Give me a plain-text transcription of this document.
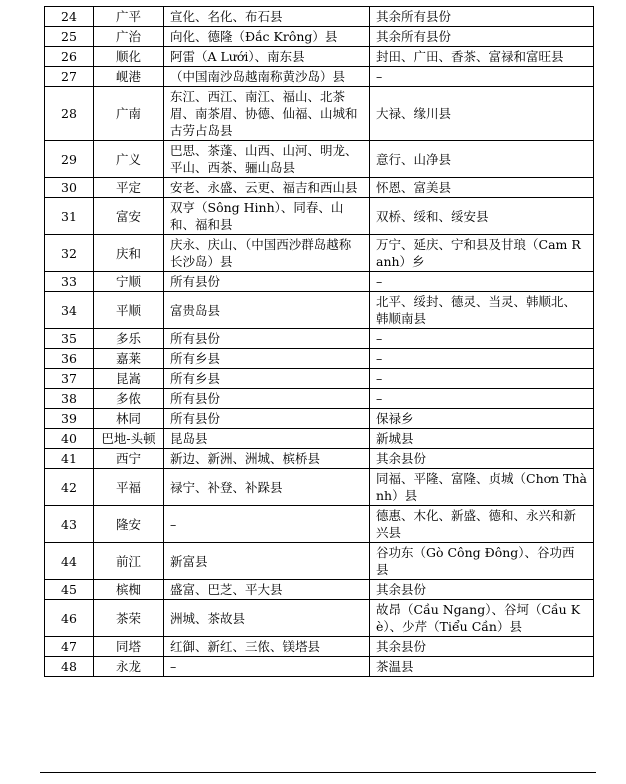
24	广平	宣化、名化、布石县	其余所有县份
25	广治	向化、德隆（Đắc Krông）县	其余所有县份
26	顺化	阿雷（A Lưới）、南东县	封田、广田、香茶、富禄和富旺县
27	岘港	（中国南沙岛越南称黄沙岛）县	–
28	广南	东江、西江、南江、福山、北茶眉、南茶眉、协德、仙福、山城和古劳占岛县	大禄、缘川县
29	广义	巴思、茶蓬、山西、山河、明龙、平山、西茶、骊山岛县	意行、山净县
30	平定	安老、永盛、云更、福吉和西山县	怀恩、富美县
31	富安	双亨（Sông Hinh）、同春、山和、福和县	双桥、绥和、绥安县
32	庆和	庆永、庆山、（中国西沙群岛越称长沙岛）县	万宁、延庆、宁和县及甘琅（Cam Ranh）乡
33	宁顺	所有县份	–
34	平顺	富贵岛县	北平、绥封、德灵、当灵、韩顺北、韩顺南县
35	多乐	所有县份	–
36	嘉莱	所有乡县	–
37	昆嵩	所有乡县	–
38	多侬	所有县份	–
39	林同	所有县份	保禄乡
40	巴地-头顿	昆岛县	新城县
41	西宁	新边、新洲、洲城、槟桥县	其余县份
42	平福	禄宁、补登、补跺县	同福、平隆、富隆、贞城（Chơn Thành）县
43	隆安	–	德惠、木化、新盛、德和、永兴和新兴县
44	前江	新富县	谷功东（Gò Công Đông）、谷功西县
45	槟椥	盛富、巴芝、平大县	其余县份
46	茶荣	洲城、茶故县	故昂（Cầu Ngang）、谷坷（Cầu Kè）、少芹（Tiểu Cần）县
47	同塔	红御、新红、三侬、镁塔县	其余县份
48	永龙	–	茶温县
